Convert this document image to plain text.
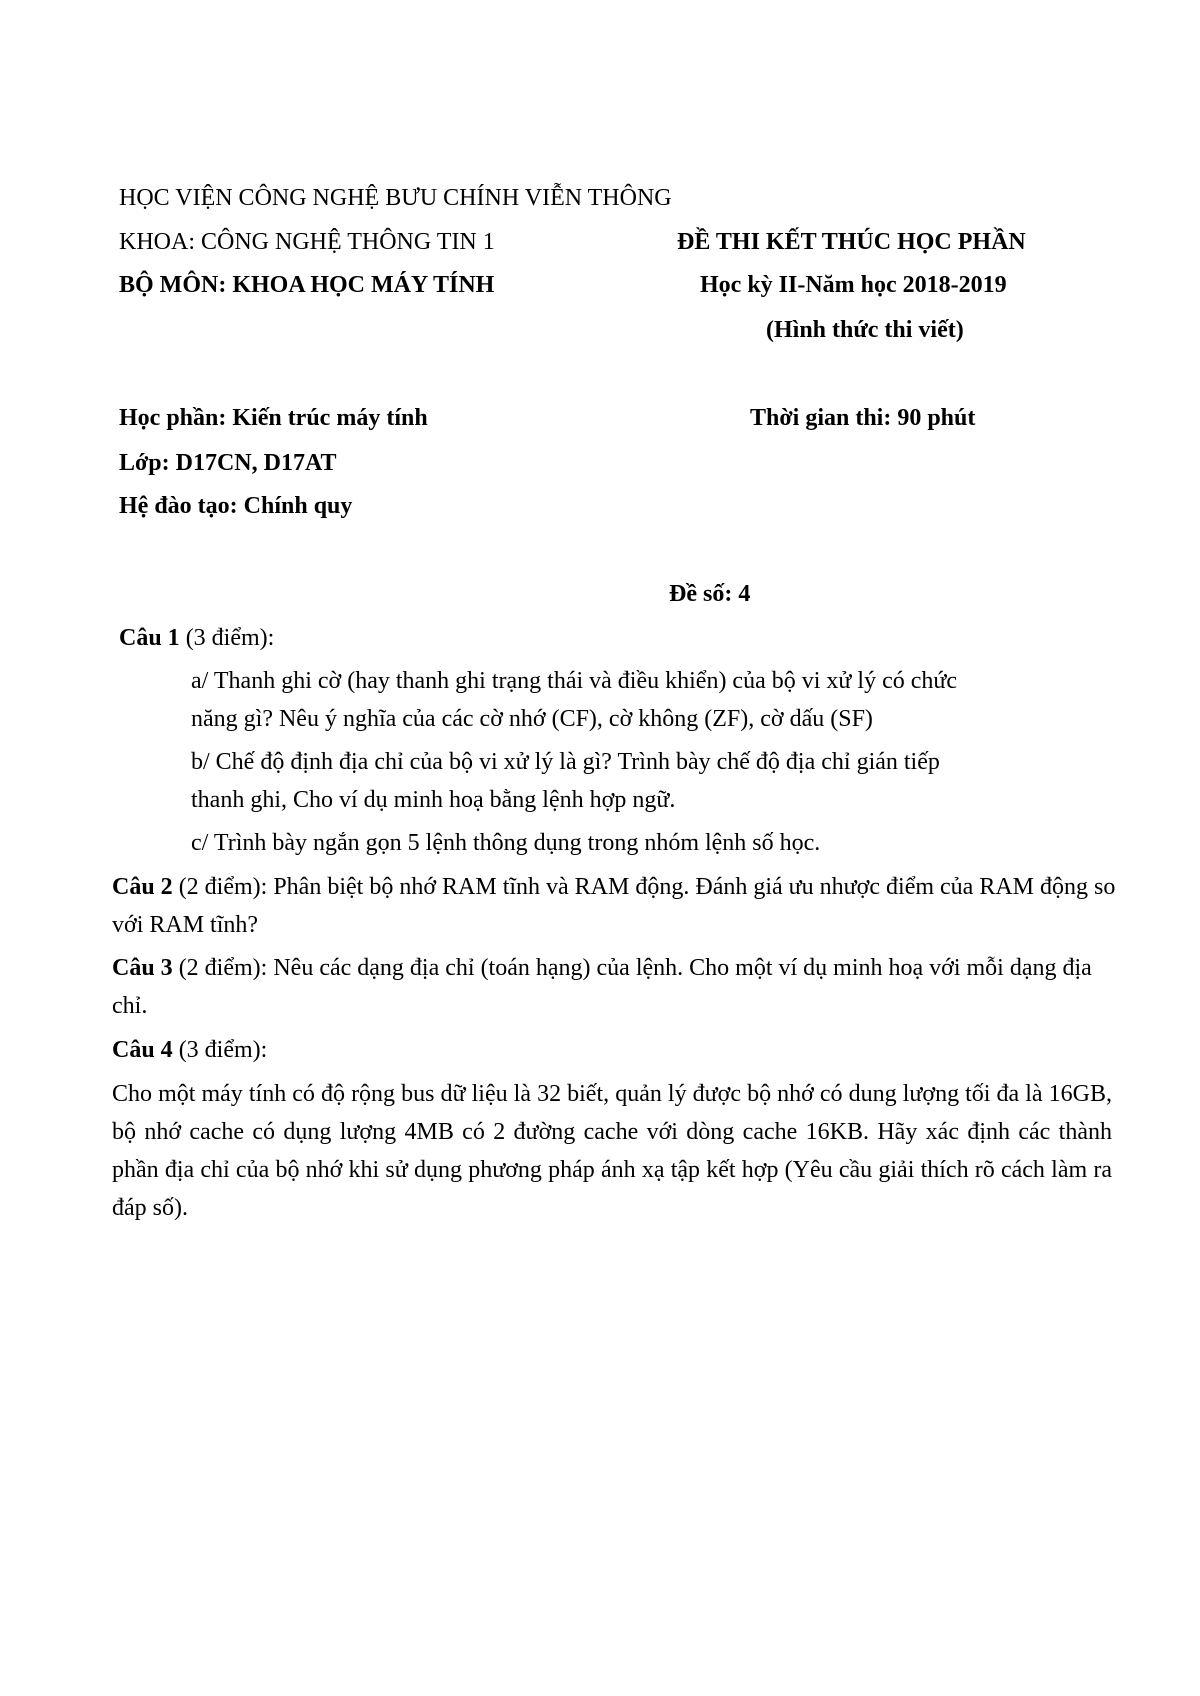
HỌC VIỆN CÔNG NGHỆ BƯU CHÍNH VIỄN THÔNG
KHOA: CÔNG NGHỆ THÔNG TIN 1
BỘ MÔN: KHOA HỌC MÁY TÍNH
ĐỀ THI KẾT THÚC HỌC PHẦN
Học kỳ II-Năm học 2018-2019
(Hình thức thi viết)
Học phần: Kiến trúc máy tính	Thời gian thi: 90 phút
Lớp: D17CN, D17AT
Hệ đào tạo: Chính quy
Đề số: 4
Câu 1 (3 điểm):
a/ Thanh ghi cờ (hay thanh ghi trạng thái và điều khiển) của bộ vi xử lý có chức
năng gì? Nêu ý nghĩa của các cờ nhớ (CF), cờ không (ZF), cờ dấu (SF)
b/ Chế độ định địa chỉ của bộ vi xử lý là gì? Trình bày chế độ địa chỉ gián tiếp
thanh ghi, Cho ví dụ minh hoạ bằng lệnh hợp ngữ.
c/ Trình bày ngắn gọn 5 lệnh thông dụng trong nhóm lệnh số học.
Câu 2 (2 điểm): Phân biệt bộ nhớ RAM tĩnh và RAM động. Đánh giá ưu nhược điểm của RAM động so với RAM tĩnh?
Câu 3 (2 điểm): Nêu các dạng địa chỉ (toán hạng) của lệnh. Cho một ví dụ minh hoạ với mỗi dạng địa chỉ.
Câu 4 (3 điểm):
Cho một máy tính có độ rộng bus dữ liệu là 32 biết, quản lý được bộ nhớ có dung lượng tối đa là 16GB, bộ nhớ cache có dụng lượng 4MB có 2 đường cache với dòng cache 16KB. Hãy xác định các thành phần địa chỉ của bộ nhớ khi sử dụng phương pháp ánh xạ tập kết hợp (Yêu cầu giải thích rõ cách làm ra đáp số).
